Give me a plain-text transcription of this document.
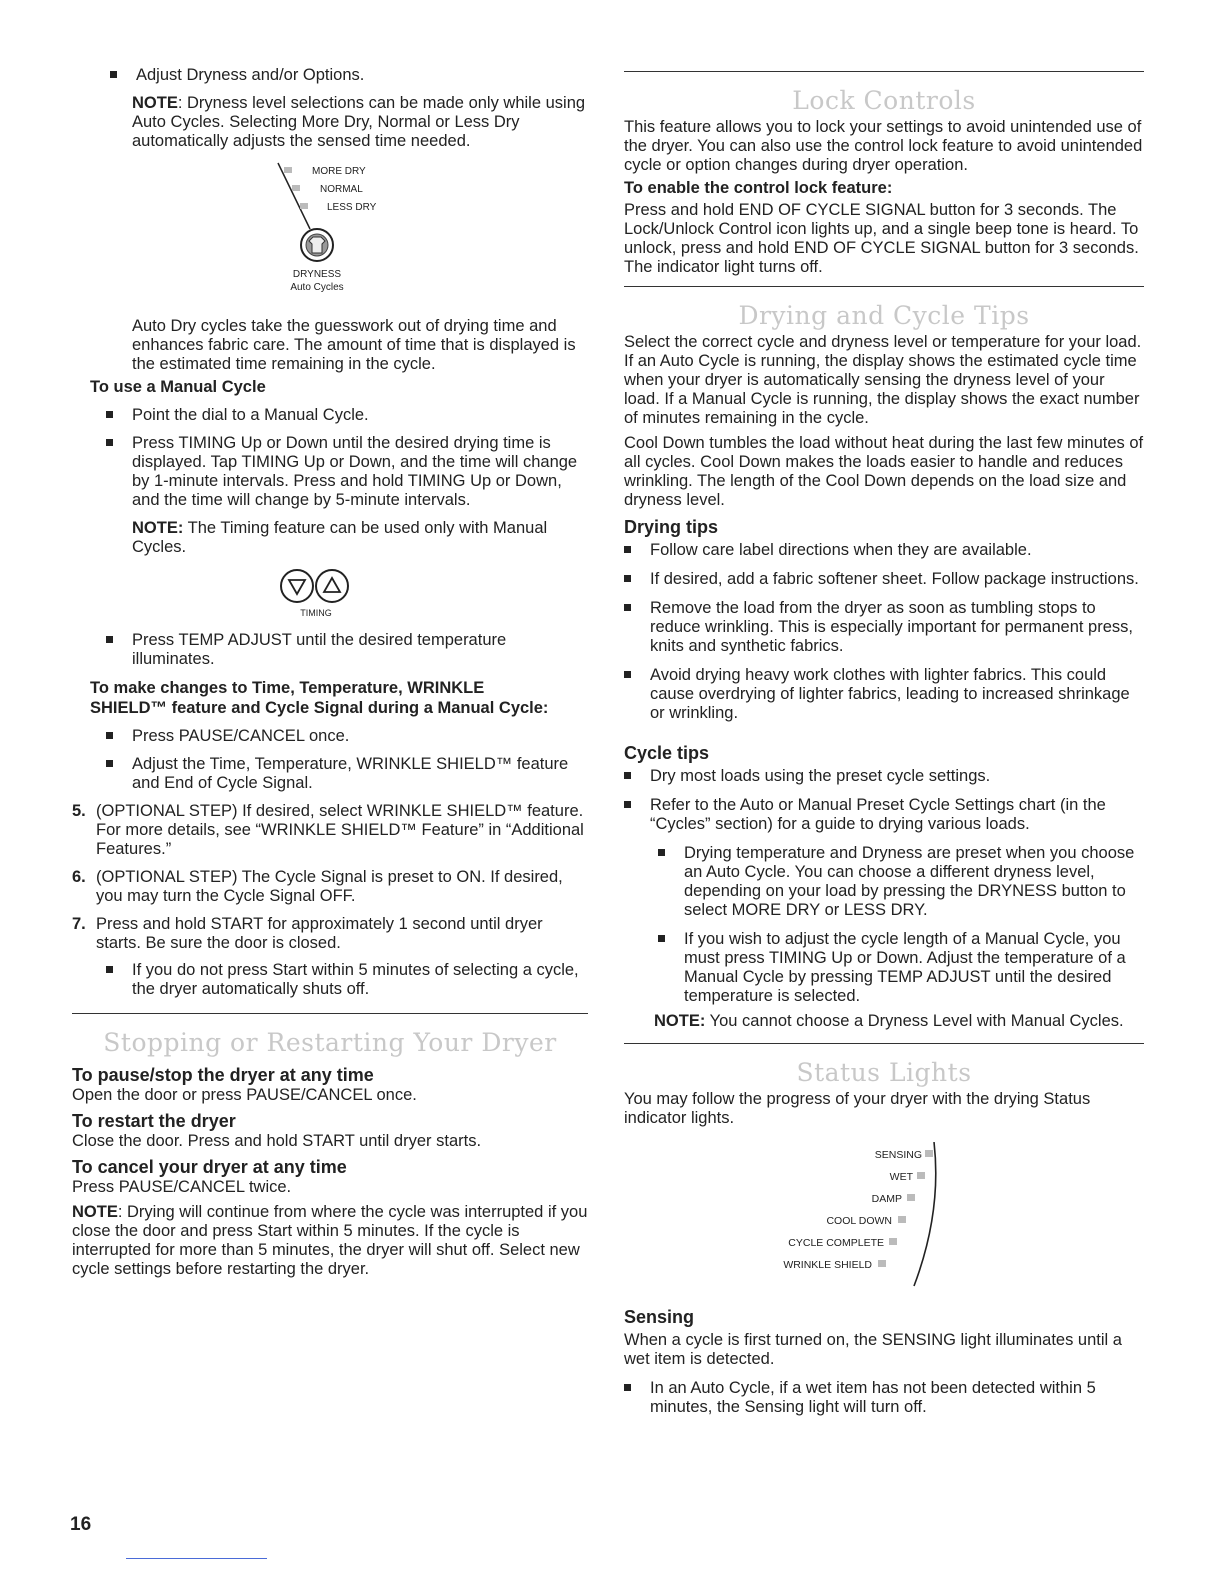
Adjust Dryness and/or Options.

NOTE: Dryness level selections can be made only while using Auto Cycles. Selecting More Dry, Normal or Less Dry automatically adjusts the sensed time needed.

MORE DRY
NORMAL
LESS DRY
DRYNESS
Auto Cycles

Auto Dry cycles take the guesswork out of drying time and enhances fabric care. The amount of time that is displayed is the estimated time remaining in the cycle.

To use a Manual Cycle

Point the dial to a Manual Cycle.

Press TIMING Up or Down until the desired drying time is displayed. Tap TIMING Up or Down, and the time will change by 1-minute intervals. Press and hold TIMING Up or Down, and the time will change by 5-minute intervals.

NOTE: The Timing feature can be used only with Manual Cycles.

TIMING

Press TEMP ADJUST until the desired temperature illuminates.

To make changes to Time, Temperature, WRINKLE SHIELD™ feature and Cycle Signal during a Manual Cycle:

Press PAUSE/CANCEL once.

Adjust the Time, Temperature, WRINKLE SHIELD™ feature and End of Cycle Signal.

5. (OPTIONAL STEP) If desired, select WRINKLE SHIELD™ feature. For more details, see “WRINKLE SHIELD™ Feature” in “Additional Features.”

6. (OPTIONAL STEP) The Cycle Signal is preset to ON. If desired, you may turn the Cycle Signal OFF.

7. Press and hold START for approximately 1 second until dryer starts. Be sure the door is closed.

If you do not press Start within 5 minutes of selecting a cycle, the dryer automatically shuts off.

Stopping or Restarting Your Dryer

To pause/stop the dryer at any time

Open the door or press PAUSE/CANCEL once.

To restart the dryer

Close the door. Press and hold START until dryer starts.

To cancel your dryer at any time

Press PAUSE/CANCEL twice.

NOTE: Drying will continue from where the cycle was interrupted if you close the door and press Start within 5 minutes. If the cycle is interrupted for more than 5 minutes, the dryer will shut off. Select new cycle settings before restarting the dryer.

Lock Controls

This feature allows you to lock your settings to avoid unintended use of the dryer. You can also use the control lock feature to avoid unintended cycle or option changes during dryer operation.

To enable the control lock feature:

Press and hold END OF CYCLE SIGNAL button for 3 seconds. The Lock/Unlock Control icon lights up, and a single beep tone is heard. To unlock, press and hold END OF CYCLE SIGNAL button for 3 seconds. The indicator light turns off.

Drying and Cycle Tips

Select the correct cycle and dryness level or temperature for your load. If an Auto Cycle is running, the display shows the estimated cycle time when your dryer is automatically sensing the dryness level of your load. If a Manual Cycle is running, the display shows the exact number of minutes remaining in the cycle.

Cool Down tumbles the load without heat during the last few minutes of all cycles. Cool Down makes the loads easier to handle and reduces wrinkling. The length of the Cool Down depends on the load size and dryness level.

Drying tips

Follow care label directions when they are available.

If desired, add a fabric softener sheet. Follow package instructions.

Remove the load from the dryer as soon as tumbling stops to reduce wrinkling. This is especially important for permanent press, knits and synthetic fabrics.

Avoid drying heavy work clothes with lighter fabrics. This could cause overdrying of lighter fabrics, leading to increased shrinkage or wrinkling.

Cycle tips

Dry most loads using the preset cycle settings.

Refer to the Auto or Manual Preset Cycle Settings chart (in the “Cycles” section) for a guide to drying various loads.

Drying temperature and Dryness are preset when you choose an Auto Cycle. You can choose a different dryness level, depending on your load by pressing the DRYNESS button to select MORE DRY or LESS DRY.

If you wish to adjust the cycle length of a Manual Cycle, you must press TIMING Up or Down. Adjust the temperature of a Manual Cycle by pressing TEMP ADJUST until the desired temperature is selected.

NOTE: You cannot choose a Dryness Level with Manual Cycles.

Status Lights

You may follow the progress of your dryer with the drying Status indicator lights.

SENSING
WET
DAMP
COOL DOWN
CYCLE COMPLETE
WRINKLE SHIELD

Sensing

When a cycle is first turned on, the SENSING light illuminates until a wet item is detected.

In an Auto Cycle, if a wet item has not been detected within 5 minutes, the Sensing light will turn off.

16
